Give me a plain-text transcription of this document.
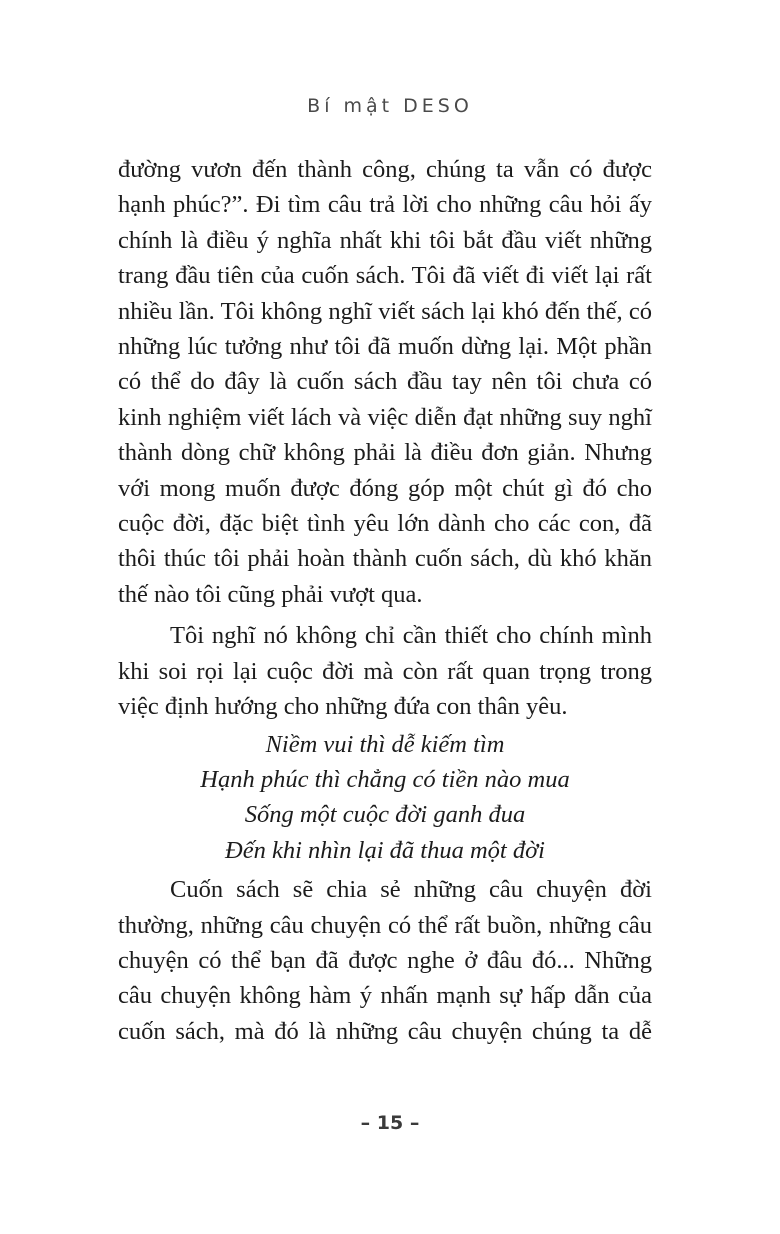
Bí mật DESO
đường vươn đến thành công, chúng ta vẫn có được
hạnh phúc?”. Đi tìm câu trả lời cho những câu hỏi ấy
chính là điều ý nghĩa nhất khi tôi bắt đầu viết những
trang đầu tiên của cuốn sách. Tôi đã viết đi viết lại rất
nhiều lần. Tôi không nghĩ viết sách lại khó đến thế, có
những lúc tưởng như tôi đã muốn dừng lại. Một phần
có thể do đây là cuốn sách đầu tay nên tôi chưa có
kinh nghiệm viết lách và việc diễn đạt những suy nghĩ
thành dòng chữ không phải là điều đơn giản. Nhưng
với mong muốn được đóng góp một chút gì đó cho
cuộc đời, đặc biệt tình yêu lớn dành cho các con, đã
thôi thúc tôi phải hoàn thành cuốn sách, dù khó khăn
thế nào tôi cũng phải vượt qua.
Tôi nghĩ nó không chỉ cần thiết cho chính mình
khi soi rọi lại cuộc đời mà còn rất quan trọng trong
việc định hướng cho những đứa con thân yêu.
Niềm vui thì dễ kiếm tìm
Hạnh phúc thì chẳng có tiền nào mua
Sống một cuộc đời ganh đua
Đến khi nhìn lại đã thua một đời
Cuốn sách sẽ chia sẻ những câu chuyện đời
thường, những câu chuyện có thể rất buồn, những câu
chuyện có thể bạn đã được nghe ở đâu đó... Những
câu chuyện không hàm ý nhấn mạnh sự hấp dẫn của
cuốn sách, mà đó là những câu chuyện chúng ta dễ
– 15 –
